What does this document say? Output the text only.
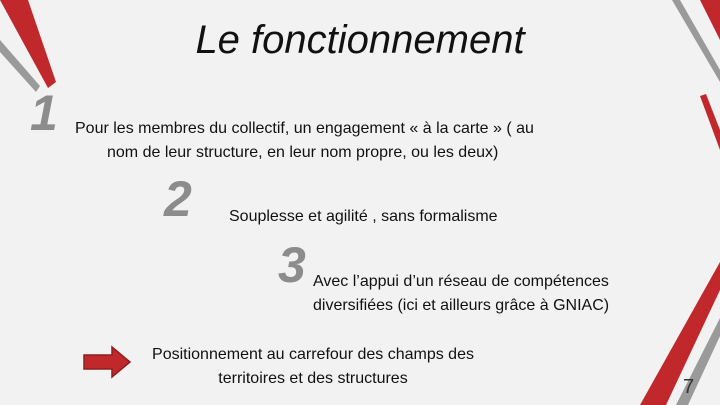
Le fonctionnement
1 Pour les membres du collectif, un engagement « à la carte » ( au
nom de leur structure, en leur nom propre, ou les deux)
2 Souplesse et agilité , sans formalisme
3 Avec l’appui d’un réseau de compétences
diversifiées (ici et ailleurs grâce à GNIAC)
Positionnement au carrefour des champs des
territoires et des structures	7
